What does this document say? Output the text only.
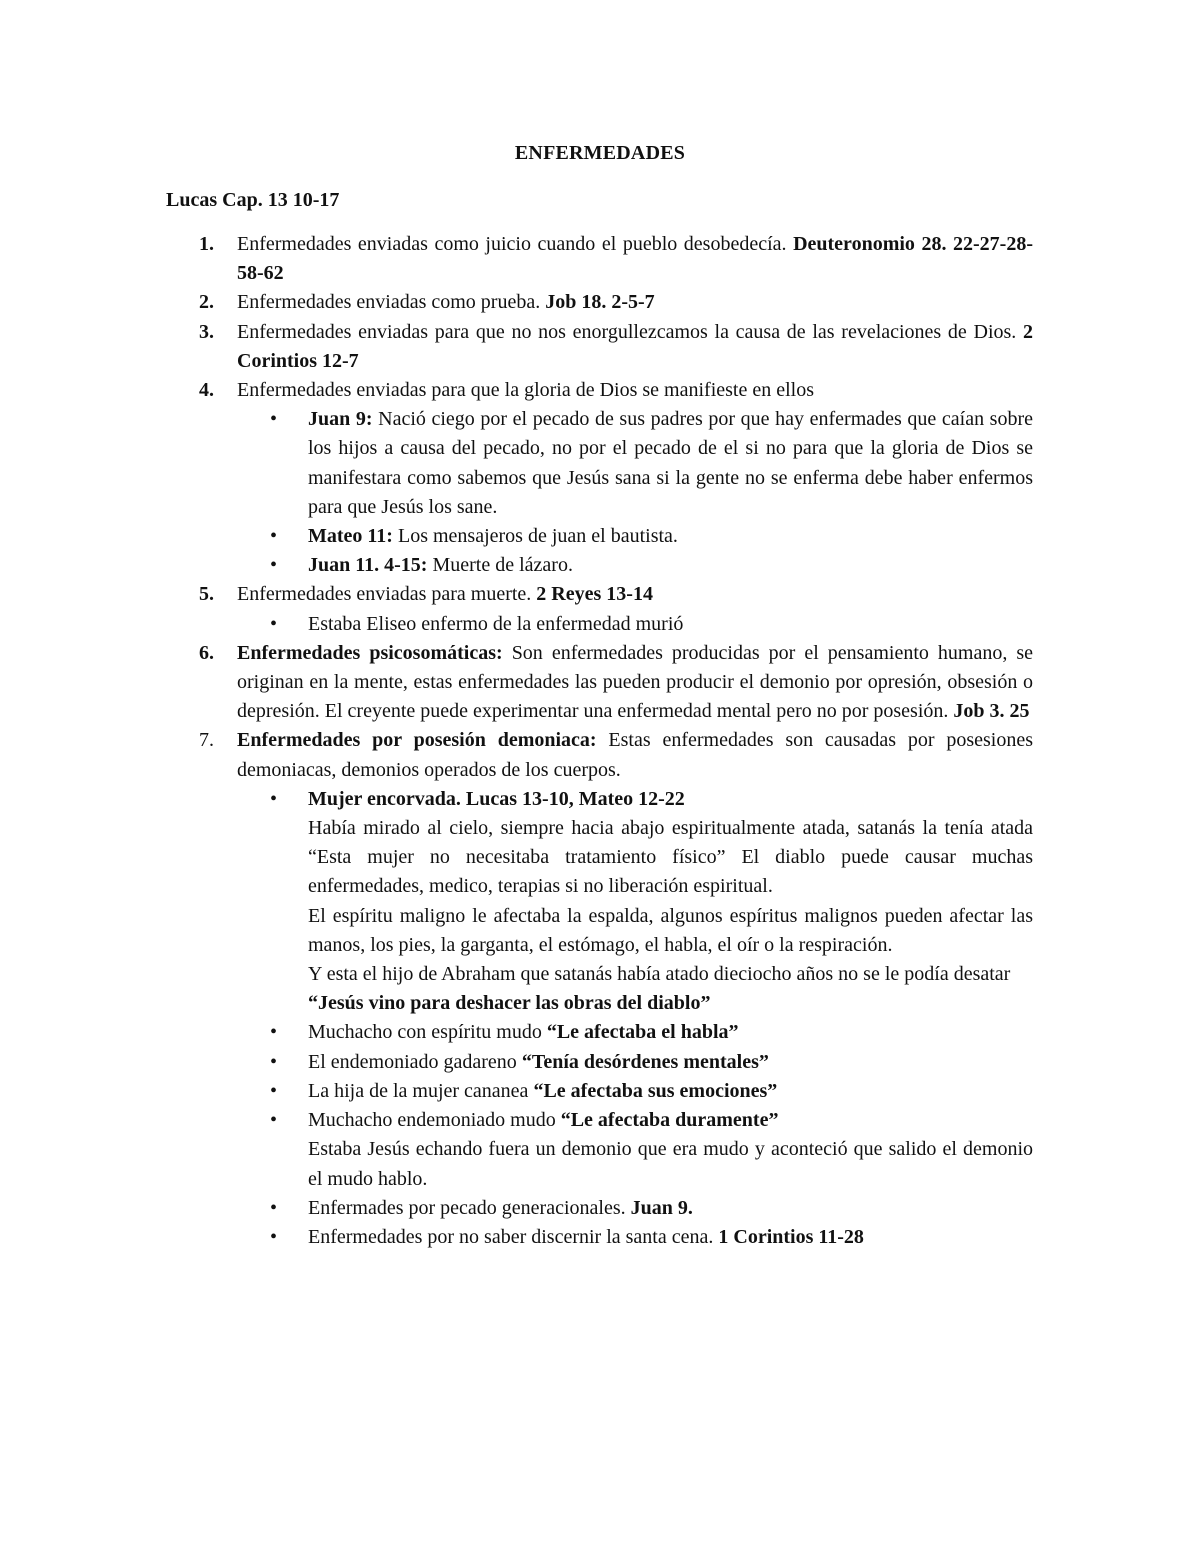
ENFERMEDADES
Lucas Cap. 13 10-17
1. Enfermedades enviadas como juicio cuando el pueblo desobedecía. Deuteronomio 28. 22-27-28-58-62
2. Enfermedades enviadas como prueba. Job 18. 2-5-7
3. Enfermedades enviadas para que no nos enorgullezcamos la causa de las revelaciones de Dios. 2 Corintios 12-7
4. Enfermedades enviadas para que la gloria de Dios se manifieste en ellos
• Juan 9: Nació ciego por el pecado de sus padres por que hay enfermades que caían sobre los hijos a causa del pecado, no por el pecado de el si no para que la gloria de Dios se manifestara como sabemos que Jesús sana si la gente no se enferma debe haber enfermos para que Jesús los sane.
• Mateo 11: Los mensajeros de juan el bautista.
• Juan 11. 4-15: Muerte de lázaro.
5. Enfermedades enviadas para muerte. 2 Reyes 13-14
• Estaba Eliseo enfermo de la enfermedad murió
6. Enfermedades psicosomáticas: Son enfermedades producidas por el pensamiento humano, se originan en la mente, estas enfermedades las pueden producir el demonio por opresión, obsesión o depresión. El creyente puede experimentar una enfermedad mental pero no por posesión. Job 3. 25
7. Enfermedades por posesión demoniaca: Estas enfermedades son causadas por posesiones demoniacas, demonios operados de los cuerpos.
• Mujer encorvada. Lucas 13-10, Mateo 12-22

Había mirado al cielo, siempre hacia abajo espiritualmente atada, satanás la tenía atada “Esta mujer no necesitaba tratamiento físico” El diablo puede causar muchas enfermedades, medico, terapias si no liberación espiritual.

El espíritu maligno le afectaba la espalda, algunos espíritus malignos pueden afectar las manos, los pies, la garganta, el estómago, el habla, el oír o la respiración.

Y esta el hijo de Abraham que satanás había atado dieciocho años no se le podía desatar “Jesús vino para deshacer las obras del diablo”

• Muchacho con espíritu mudo “Le afectaba el habla”
• El endemoniado gadareno “Tenía desórdenes mentales”
• La hija de la mujer cananea “Le afectaba sus emociones”
• Muchacho endemoniado mudo “Le afectaba duramente”

Estaba Jesús echando fuera un demonio que era mudo y aconteció que salido el demonio el mudo hablo.

• Enfermades por pecado generacionales. Juan 9.
• Enfermedades por no saber discernir la santa cena. 1 Corintios 11-28
